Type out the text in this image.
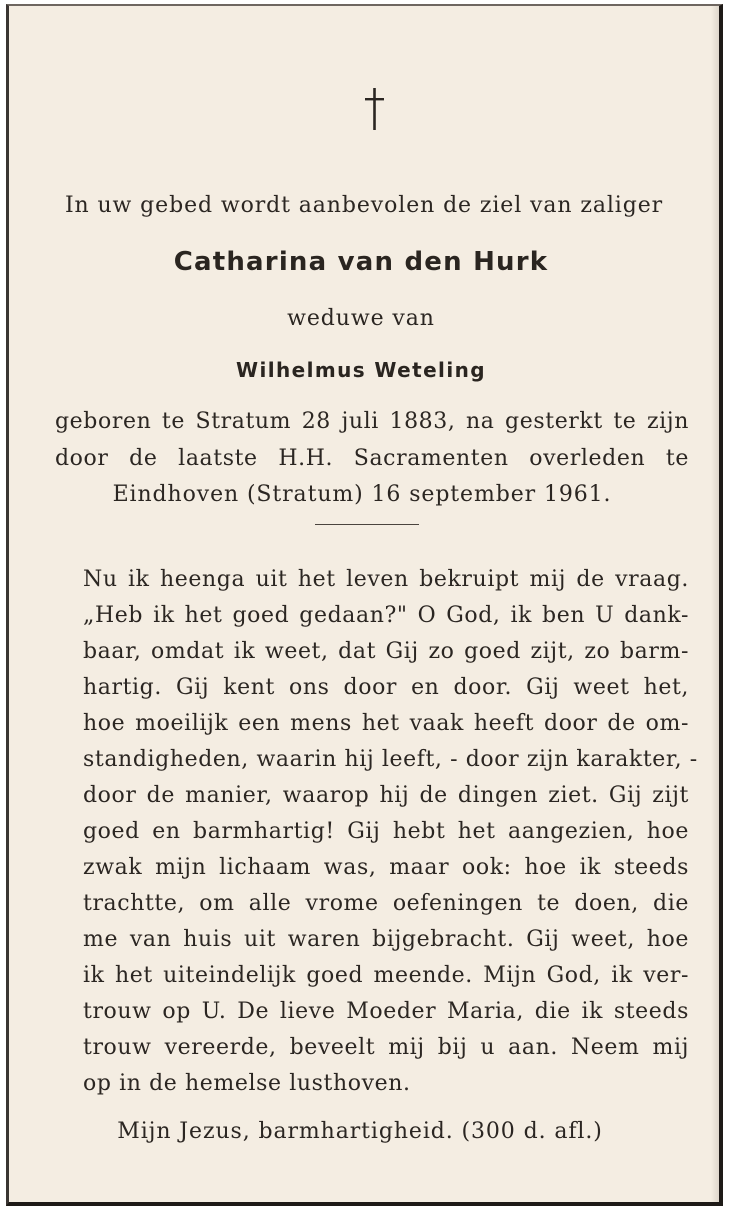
In uw gebed wordt aanbevolen de ziel van zaliger
Catharina van den Hurk
weduwe van
Wilhelmus Weteling
geboren te Stratum 28 juli 1883, na gesterkt te zijn
door de laatste H.H. Sacramenten overleden te
Eindhoven (Stratum) 16 september 1961.
Nu ik heenga uit het leven bekruipt mij de vraag.
„Heb ik het goed gedaan?" O God, ik ben U dank-
baar, omdat ik weet, dat Gij zo goed zijt, zo barm-
hartig. Gij kent ons door en door. Gij weet het,
hoe moeilijk een mens het vaak heeft door de om-
standigheden, waarin hij leeft, - door zijn karakter, -
door de manier, waarop hij de dingen ziet. Gij zijt
goed en barmhartig! Gij hebt het aangezien, hoe
zwak mijn lichaam was, maar ook: hoe ik steeds
trachtte, om alle vrome oefeningen te doen, die
me van huis uit waren bijgebracht. Gij weet, hoe
ik het uiteindelijk goed meende. Mijn God, ik ver-
trouw op U. De lieve Moeder Maria, die ik steeds
trouw vereerde, beveelt mij bij u aan. Neem mij
op in de hemelse lusthoven.
Mijn Jezus, barmhartigheid. (300 d. afl.)
